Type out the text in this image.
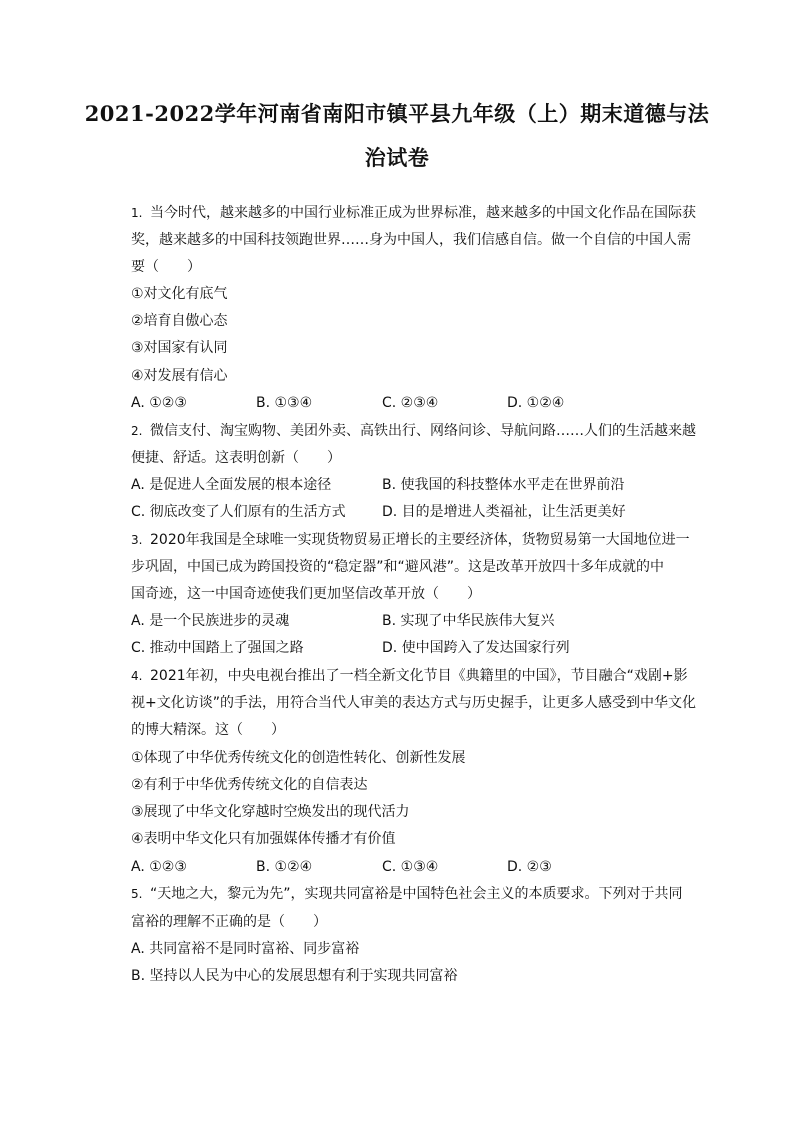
2021-2022学年河南省南阳市镇平县九年级（上）期末道德与法
治试卷
1. 当今时代，越来越多的中国行业标准正成为世界标准，越来越多的中国文化作品在国际获
奖，越来越多的中国科技领跑世界……身为中国人，我们信感自信。做一个自信的中国人需
要（　　）
①对文化有底气
②培育自傲心态
③对国家有认同
④对发展有信心
A. ①②③	B. ①③④	C. ②③④	D. ①②④
2. 微信支付、淘宝购物、美团外卖、高铁出行、网络问诊、导航问路……人们的生活越来越
便捷、舒适。这表明创新（　　）
A. 是促进人全面发展的根本途径	B. 使我国的科技整体水平走在世界前沿
C. 彻底改变了人们原有的生活方式	D. 目的是增进人类福祉，让生活更美好
3. 2020年我国是全球唯一实现货物贸易正增长的主要经济体，货物贸易第一大国地位进一
步巩固，中国已成为跨国投资的“稳定器”和“避风港”。这是改革开放四十多年成就的中
国奇迹，这一中国奇迹使我们更加坚信改革开放（　　）
A. 是一个民族进步的灵魂	B. 实现了中华民族伟大复兴
C. 推动中国踏上了强国之路	D. 使中国跨入了发达国家行列
4. 2021年初，中央电视台推出了一档全新文化节目《典籍里的中国》，节目融合“戏剧+影
视+文化访谈”的手法，用符合当代人审美的表达方式与历史握手，让更多人感受到中华文化
的博大精深。这（　　）
①体现了中华优秀传统文化的创造性转化、创新性发展
②有利于中华优秀传统文化的自信表达
③展现了中华文化穿越时空焕发出的现代活力
④表明中华文化只有加强媒体传播才有价值
A. ①②③	B. ①②④	C. ①③④	D. ②③
5. “天地之大，黎元为先”，实现共同富裕是中国特色社会主义的本质要求。下列对于共同
富裕的理解不正确的是（　　）
A. 共同富裕不是同时富裕、同步富裕
B. 坚持以人民为中心的发展思想有利于实现共同富裕
